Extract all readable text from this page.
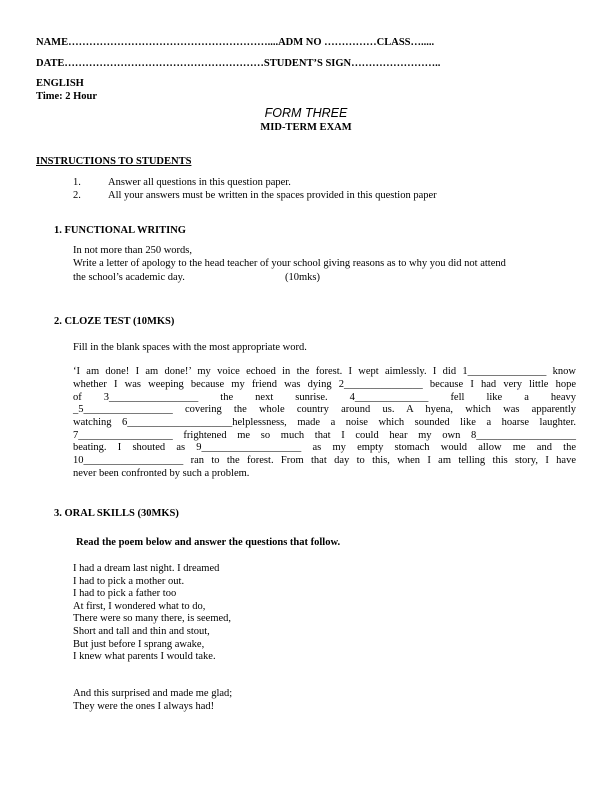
NAME…………………………………………………....ADM NO ……………CLASS….....
DATE…………………………………………………STUDENT’S SIGN……………………..
ENGLISH
Time: 2 Hour
FORM THREE
MID-TERM EXAM
INSTRUCTIONS TO STUDENTS
1.	Answer all questions in this question paper.
2.	All your answers must be written in the spaces provided in this question paper
1. FUNCTIONAL WRITING
In not more than 250 words,
Write a letter of apology to the head teacher of your school giving reasons as to why you did not attend
the school’s academic day.	(10mks)
2. CLOZE TEST (10MKS)
Fill in the blank spaces with the most appropriate word.
‘I am done! I am done!’ my voice echoed in the forest. I wept aimlessly. I did 1_______________ know
whether I was weeping because my friend was dying 2_______________ because I had very little hope
of 3_________________ the next sunrise. 4______________ fell like a heavy
_5_________________ covering the whole country around us. A hyena, which was apparently
watching 6____________________helplessness, made a noise which sounded like a hoarse laughter.
7__________________ frightened me so much that I could hear my own 8___________________
beating. I shouted as 9___________________ as my empty stomach would allow me and the
10___________________ ran to the forest. From that day to this, when I am telling this story, I have
never been confronted by such a problem.
3. ORAL SKILLS (30MKS)
Read the poem below and answer the questions that follow.
I had a dream last night. I dreamed
I had to pick a mother out.
I had to pick a father too
At first, I wondered what to do,
There were so many there, is seemed,
Short and tall and thin and stout,
But just before I sprang awake,
I knew what parents I would take.
And this surprised and made me glad;
They were the ones I always had!
